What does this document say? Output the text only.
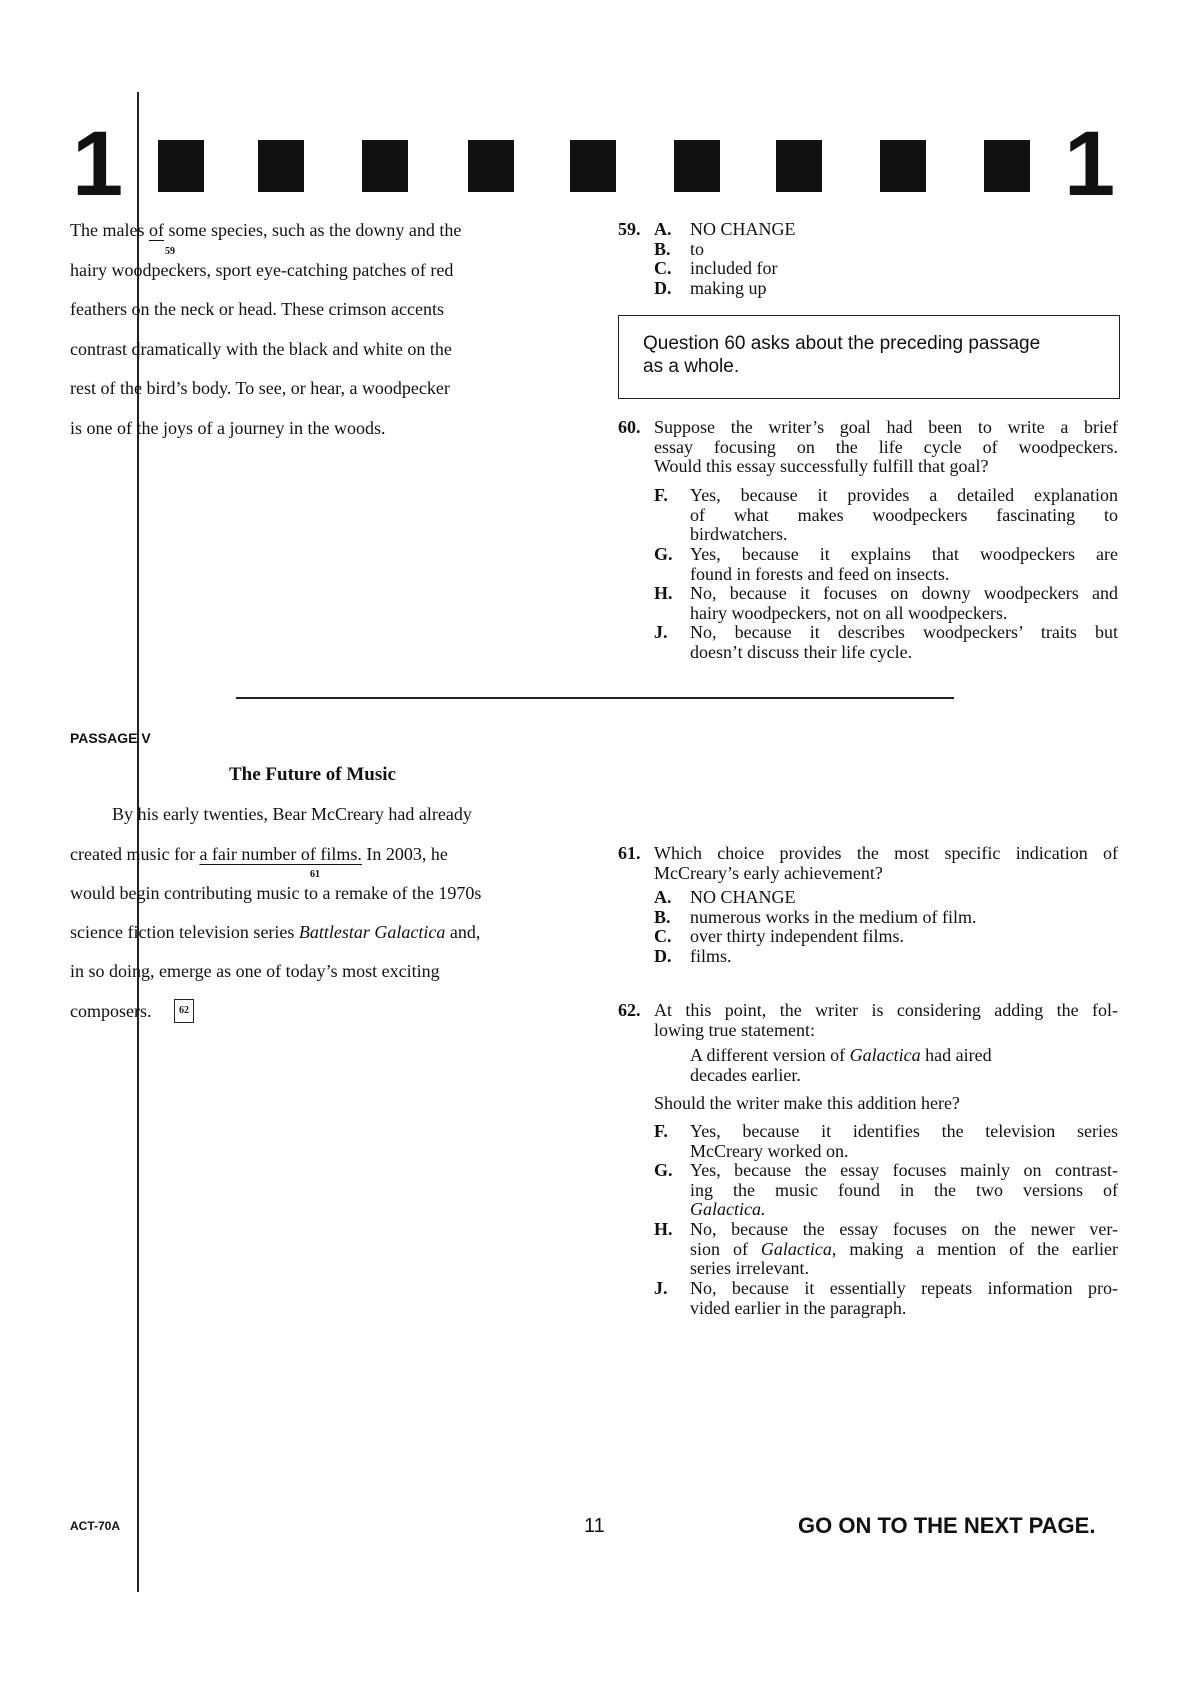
1	1
The males of some species, such as the downy and the
59
hairy woodpeckers, sport eye-catching patches of red
feathers on the neck or head. These crimson accents
contrast dramatically with the black and white on the
rest of the bird’s body. To see, or hear, a woodpecker
is one of the joys of a journey in the woods.
59. A. NO CHANGE
B. to
C. included for
D. making up
Question 60 asks about the preceding passage
as a whole.
60. Suppose the writer’s goal had been to write a brief
essay focusing on the life cycle of woodpeckers.
Would this essay successfully fulfill that goal?
F. Yes, because it provides a detailed explanation
of what makes woodpeckers fascinating to
birdwatchers.
G. Yes, because it explains that woodpeckers are
found in forests and feed on insects.
H. No, because it focuses on downy woodpeckers and
hairy woodpeckers, not on all woodpeckers.
J. No, because it describes woodpeckers’ traits but
doesn’t discuss their life cycle.
PASSAGE V
The Future of Music
By his early twenties, Bear McCreary had already
created music for a fair number of films. In 2003, he
61
would begin contributing music to a remake of the 1970s
science fiction television series Battlestar Galactica and,
in so doing, emerge as one of today’s most exciting
composers.	62
61. Which choice provides the most specific indication of
McCreary’s early achievement?
A. NO CHANGE
B. numerous works in the medium of film.
C. over thirty independent films.
D. films.
62. At this point, the writer is considering adding the fol-
lowing true statement:
A different version of Galactica had aired
decades earlier.
Should the writer make this addition here?
F. Yes, because it identifies the television series
McCreary worked on.
G. Yes, because the essay focuses mainly on contrast-
ing the music found in the two versions of
Galactica.
H. No, because the essay focuses on the newer ver-
sion of Galactica, making a mention of the earlier
series irrelevant.
J. No, because it essentially repeats information pro-
vided earlier in the paragraph.
ACT-70A	11	GO ON TO THE NEXT PAGE.
